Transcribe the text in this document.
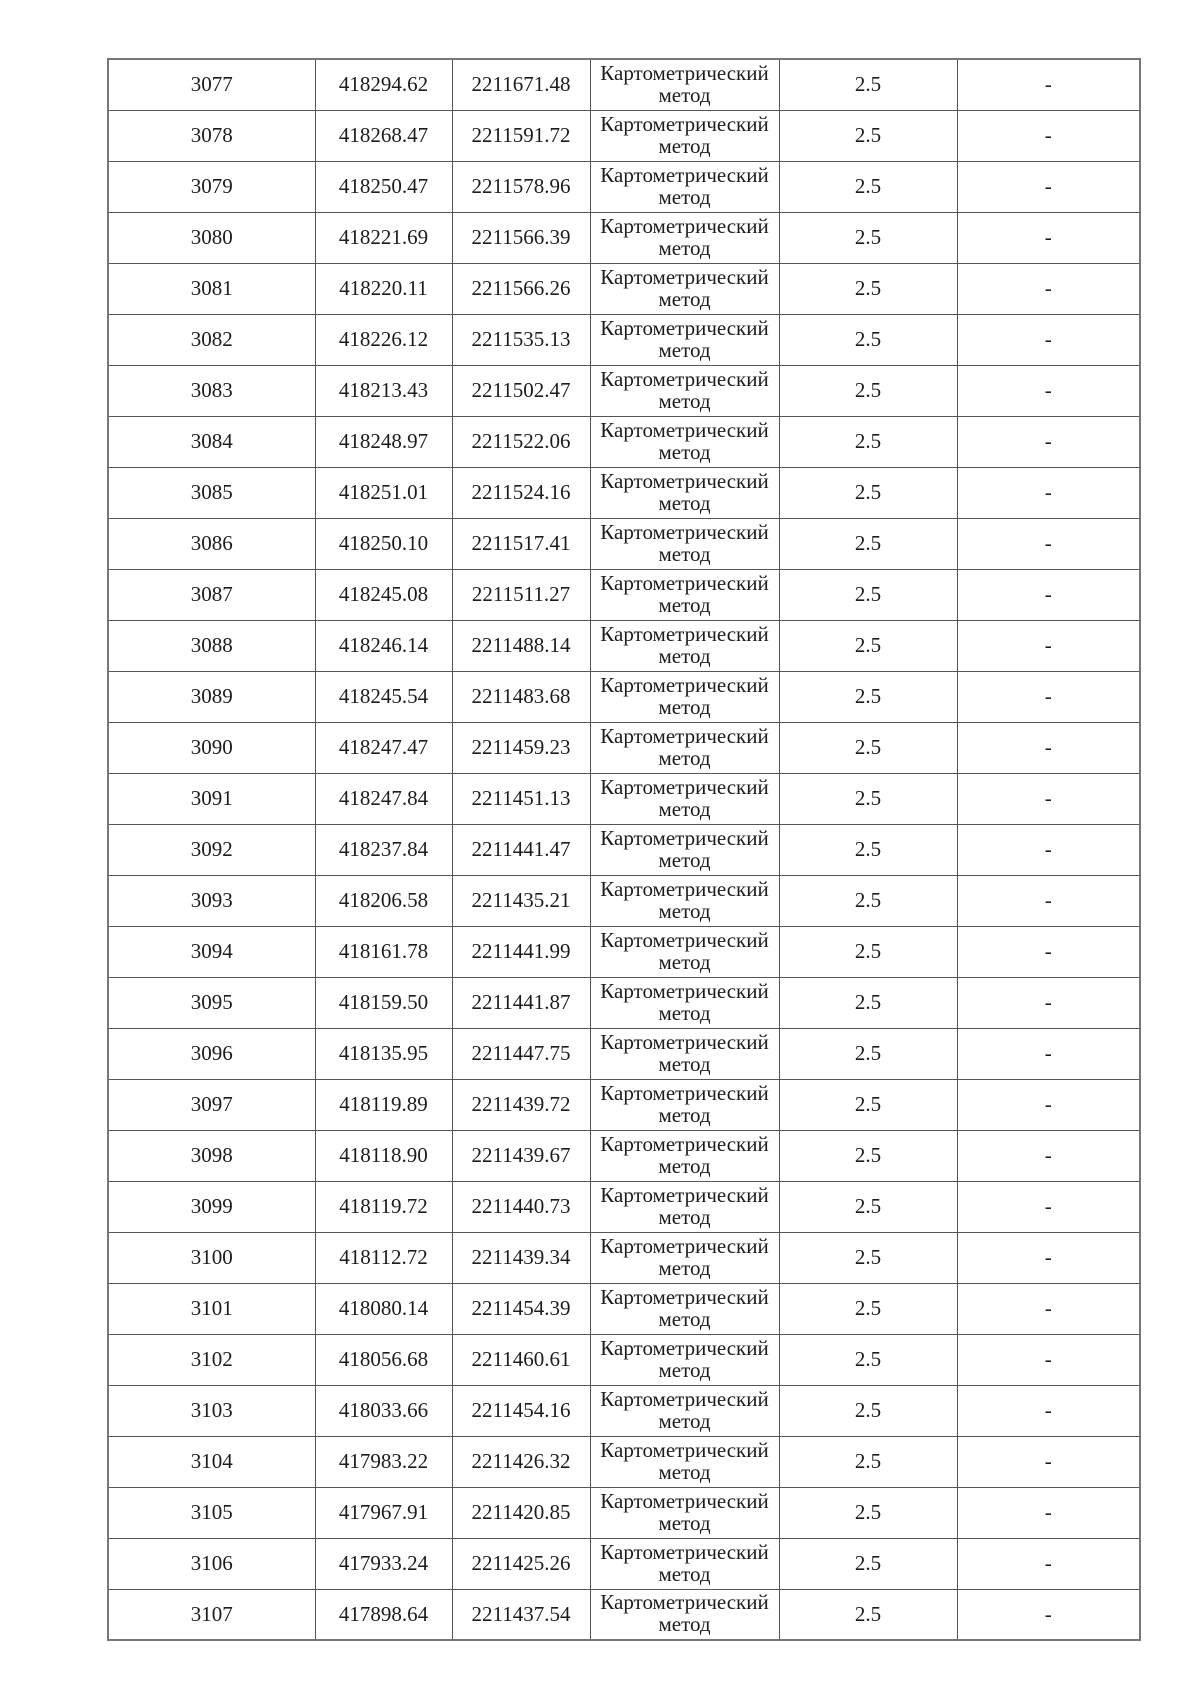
3077	418294.62	2211671.48	Картометрический метод	2.5	-
3078	418268.47	2211591.72	Картометрический метод	2.5	-
3079	418250.47	2211578.96	Картометрический метод	2.5	-
3080	418221.69	2211566.39	Картометрический метод	2.5	-
3081	418220.11	2211566.26	Картометрический метод	2.5	-
3082	418226.12	2211535.13	Картометрический метод	2.5	-
3083	418213.43	2211502.47	Картометрический метод	2.5	-
3084	418248.97	2211522.06	Картометрический метод	2.5	-
3085	418251.01	2211524.16	Картометрический метод	2.5	-
3086	418250.10	2211517.41	Картометрический метод	2.5	-
3087	418245.08	2211511.27	Картометрический метод	2.5	-
3088	418246.14	2211488.14	Картометрический метод	2.5	-
3089	418245.54	2211483.68	Картометрический метод	2.5	-
3090	418247.47	2211459.23	Картометрический метод	2.5	-
3091	418247.84	2211451.13	Картометрический метод	2.5	-
3092	418237.84	2211441.47	Картометрический метод	2.5	-
3093	418206.58	2211435.21	Картометрический метод	2.5	-
3094	418161.78	2211441.99	Картометрический метод	2.5	-
3095	418159.50	2211441.87	Картометрический метод	2.5	-
3096	418135.95	2211447.75	Картометрический метод	2.5	-
3097	418119.89	2211439.72	Картометрический метод	2.5	-
3098	418118.90	2211439.67	Картометрический метод	2.5	-
3099	418119.72	2211440.73	Картометрический метод	2.5	-
3100	418112.72	2211439.34	Картометрический метод	2.5	-
3101	418080.14	2211454.39	Картометрический метод	2.5	-
3102	418056.68	2211460.61	Картометрический метод	2.5	-
3103	418033.66	2211454.16	Картометрический метод	2.5	-
3104	417983.22	2211426.32	Картометрический метод	2.5	-
3105	417967.91	2211420.85	Картометрический метод	2.5	-
3106	417933.24	2211425.26	Картометрический метод	2.5	-
3107	417898.64	2211437.54	Картометрический метод	2.5	-
